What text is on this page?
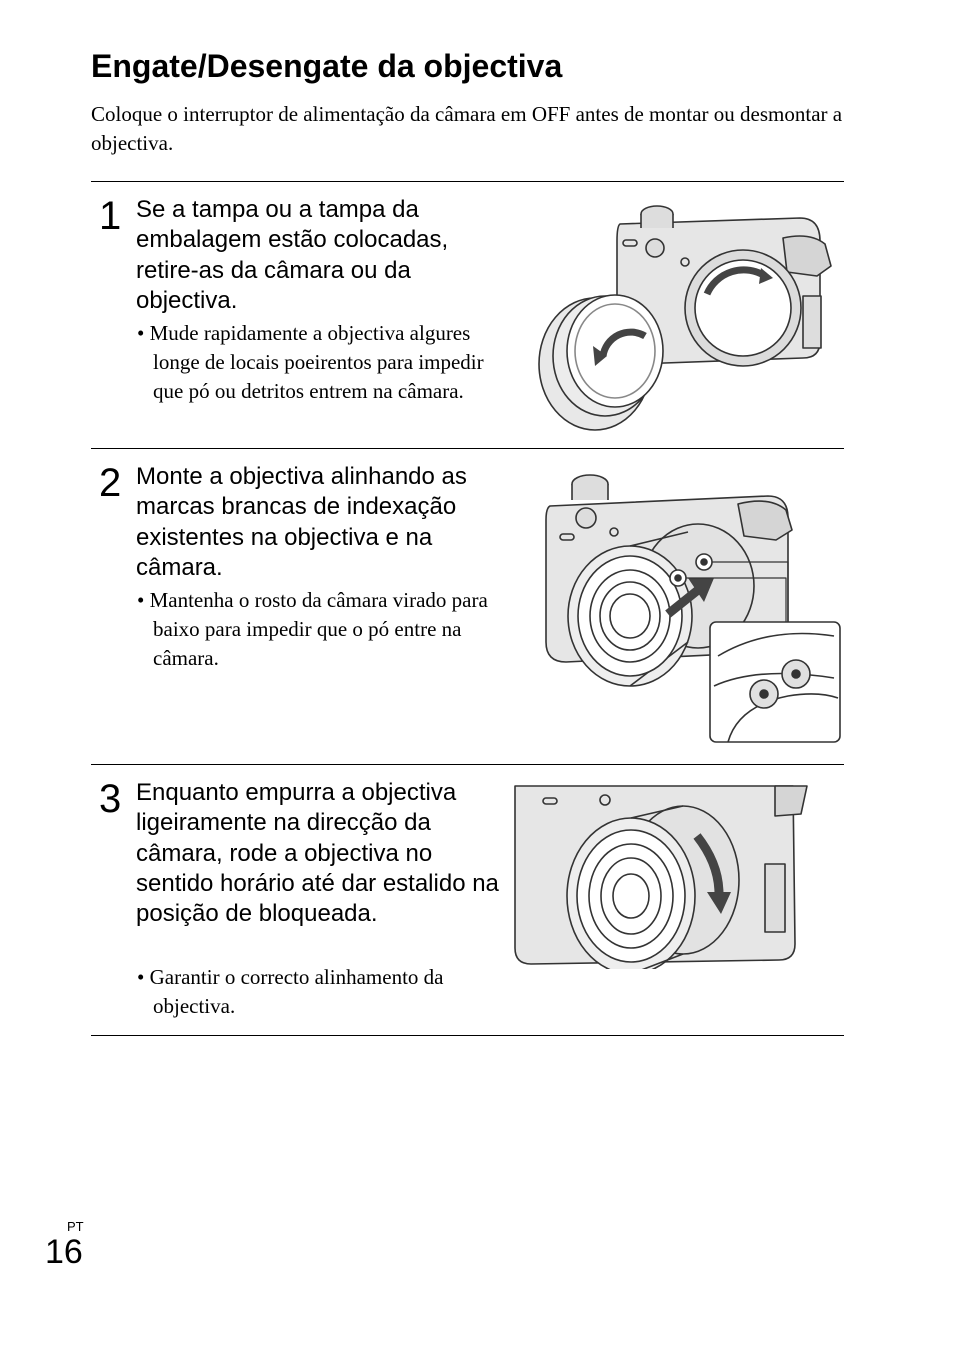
Engate/Desengate da objectiva

Coloque o interruptor de alimentação da câmara em OFF antes de montar ou desmontar a objectiva.

1 Se a tampa ou a tampa da embalagem estão colocadas, retire-as da câmara ou da objectiva.

• Mude rapidamente a objectiva algures longe de locais poeirentos para impedir que pó ou detritos entrem na câmara.

2 Monte a objectiva alinhando as marcas brancas de indexação existentes na objectiva e na câmara.

• Mantenha o rosto da câmara virado para baixo para impedir que o pó entre na câmara.

3 Enquanto empurra a objectiva ligeiramente na direcção da câmara, rode a objectiva no sentido horário até dar estalido na posição de bloqueada.

• Garantir o correcto alinhamento da objectiva.

PT
16
